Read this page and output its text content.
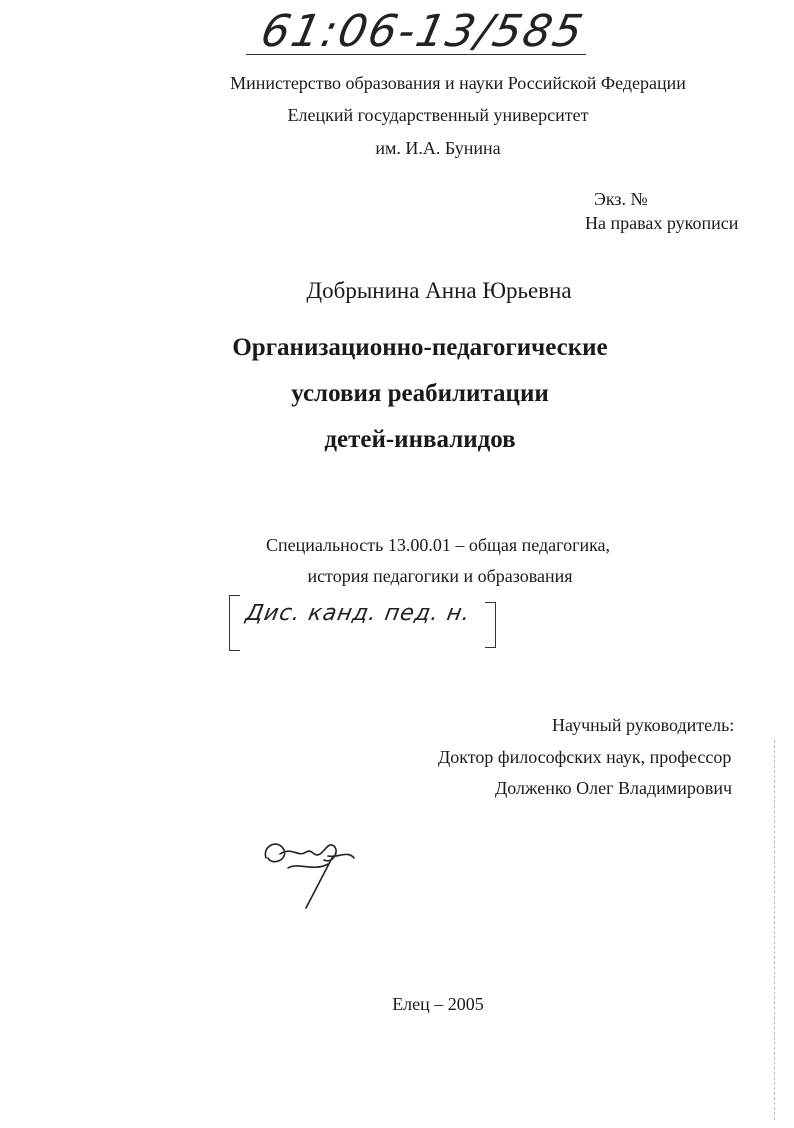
61:06-13/585
Министерство образования и науки Российской Федерации
Елецкий государственный университет
им. И.А. Бунина
Экз. №
На правах рукописи
Добрынина Анна Юрьевна
Организационно-педагогические
условия реабилитации
детей-инвалидов
Специальность 13.00.01 – общая педагогика,
история педагогики и образования
Дис. канд. пед. н.
Научный руководитель:
Доктор философских наук, профессор
Долженко Олег Владимирович
Елец – 2005
